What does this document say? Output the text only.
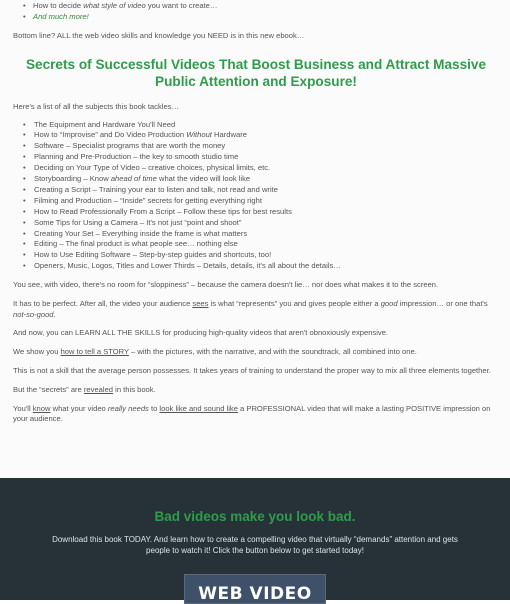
•
• How to decide what style of video you want to create…
• And much more!

Bottom line? ALL the web video skills and knowledge you NEED is in this new ebook…

Secrets of Successful Videos That Boost Business and Attract Massive Public Attention and Exposure!

Here's a list of all the subjects this book tackles…

• The Equipment and Hardware You'll Need
• How to “Improvise” and Do Video Production Without Hardware
• Software – Specialist programs that are worth the money
• Planning and Pre-Production – the key to smooth studio time
• Deciding on Your Type of Video – creative choices, physical limits, etc.
• Storyboarding – Know ahead of time what the video will look like
• Creating a Script – Training your ear to listen and talk, not read and write
• Filming and Production – “Inside” secrets for getting everything right
• How to Read Professionally From a Script – Follow these tips for best results
• Some Tips for Using a Camera – It's not just “point and shoot”
• Creating Your Set – Everything inside the frame is what matters
• Editing – The final product is what people see… nothing else
• How to Use Editing Software – Step-by-step guides and shortcuts, too!
• Openers, Music, Logos, Titles and Lower Thirds – Details, details, it's all about the details…

You see, with video, there's no room for “sloppiness” – because the camera doesn't lie… nor does what makes it to the screen.

It has to be perfect. After all, the video your audience sees is what “represents” you and gives people either a good impression… or one that's not-so-good.

And now, you can LEARN ALL THE SKILLS for producing high-quality videos that aren't obnoxiously expensive.

We show you how to tell a STORY – with the pictures, with the narrative, and with the soundtrack, all combined into one.

This is not a skill that the average person possesses. It takes years of training to understand the proper way to mix all three elements together.

But the “secrets” are revealed in this book.

You'll know what your video really needs to look like and sound like a PROFESSIONAL video that will make a lasting POSITIVE impression on your audience.

Bad videos make you look bad.
Download this book TODAY. And learn how to create a compelling video that virtually “demands” attention and gets people to watch it! Click the button below to get started today!
WEB VIDEO
